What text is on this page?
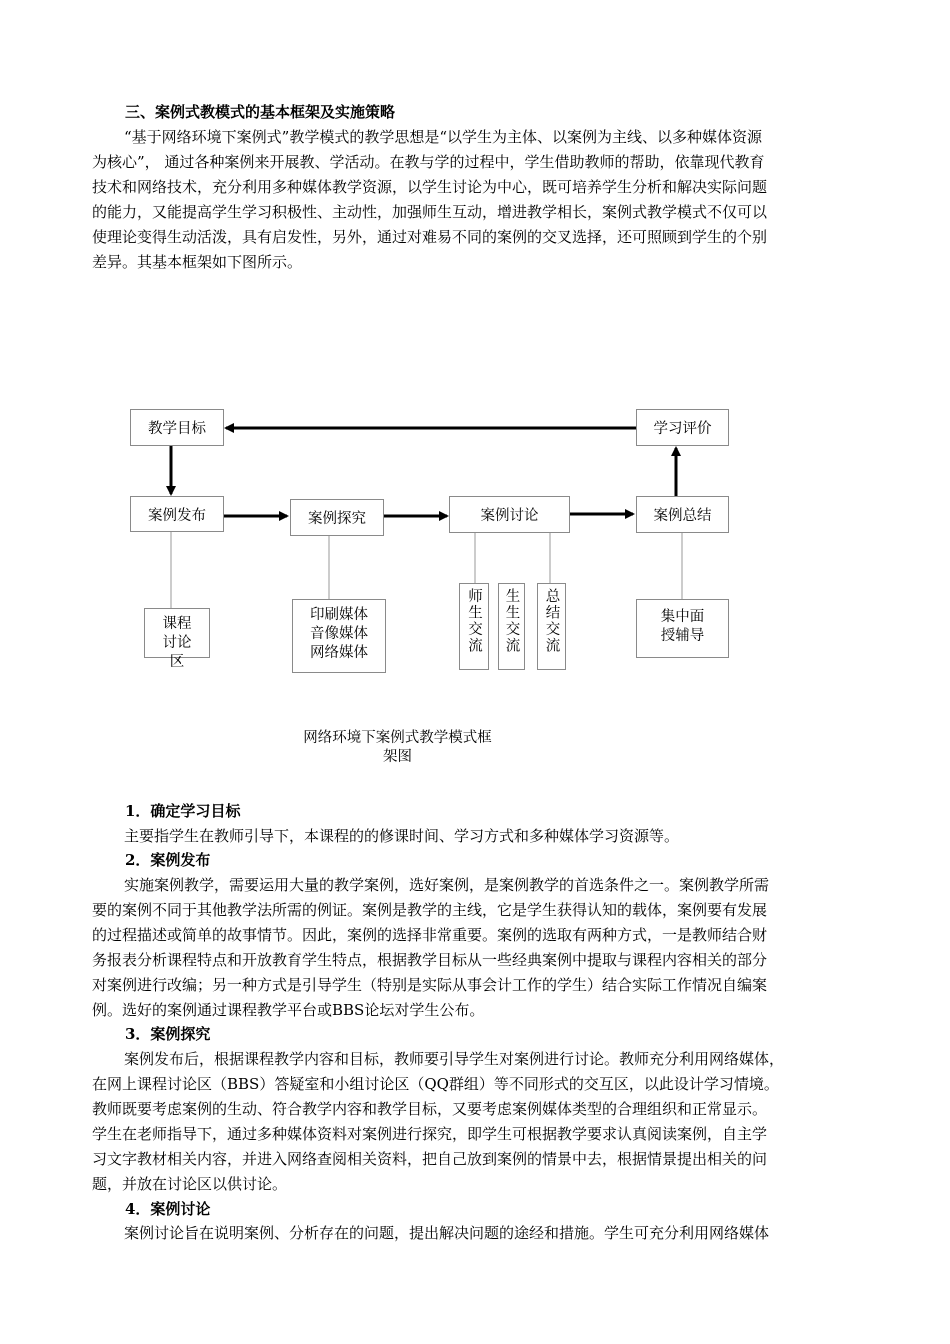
三、案例式教模式的基本框架及实施策略
“基于网络环境下案例式”教学模式的教学思想是“以学生为主体、以案例为主线、以多种媒体资源
为核心”， 通过各种案例来开展教、学活动。在教与学的过程中，学生借助教师的帮助，依靠现代教育
技术和网络技术，充分利用多种媒体教学资源，以学生讨论为中心，既可培养学生分析和解决实际问题
的能力，又能提高学生学习积极性、主动性，加强师生互动，增进教学相长，案例式教学模式不仅可以
使理论变得生动活泼，具有启发性，另外，通过对难易不同的案例的交叉选择，还可照顾到学生的个别
差异。其基本框架如下图所示。
教学目标	学习评价
案例发布	案例探究	案例讨论	案例总结
课程讨论区
印刷媒体
音像媒体
网络媒体	师生交流	生生交流	总结交流	集中面授辅导
网络环境下案例式教学模式框
架图
1．确定学习目标
主要指学生在教师引导下，本课程的的修课时间、学习方式和多种媒体学习资源等。
2．案例发布
实施案例教学，需要运用大量的教学案例，选好案例，是案例教学的首选条件之一。案例教学所需
要的案例不同于其他教学法所需的例证。案例是教学的主线，它是学生获得认知的载体，案例要有发展
的过程描述或简单的故事情节。因此，案例的选择非常重要。案例的选取有两种方式，一是教师结合财
务报表分析课程特点和开放教育学生特点，根据教学目标从一些经典案例中提取与课程内容相关的部分
对案例进行改编；另一种方式是引导学生（特别是实际从事会计工作的学生）结合实际工作情况自编案
例。选好的案例通过课程教学平台或BBS论坛对学生公布。
3．案例探究
案例发布后，根据课程教学内容和目标，教师要引导学生对案例进行讨论。教师充分利用网络媒体，
在网上课程讨论区（BBS）答疑室和小组讨论区（QQ群组）等不同形式的交互区，以此设计学习情境。
教师既要考虑案例的生动、符合教学内容和教学目标，又要考虑案例媒体类型的合理组织和正常显示。
学生在老师指导下，通过多种媒体资料对案例进行探究，即学生可根据教学要求认真阅读案例，自主学
习文字教材相关内容，并进入网络查阅相关资料，把自己放到案例的情景中去，根据情景提出相关的问
题，并放在讨论区以供讨论。
4．案例讨论
案例讨论旨在说明案例、分析存在的问题，提出解决问题的途经和措施。学生可充分利用网络媒体
